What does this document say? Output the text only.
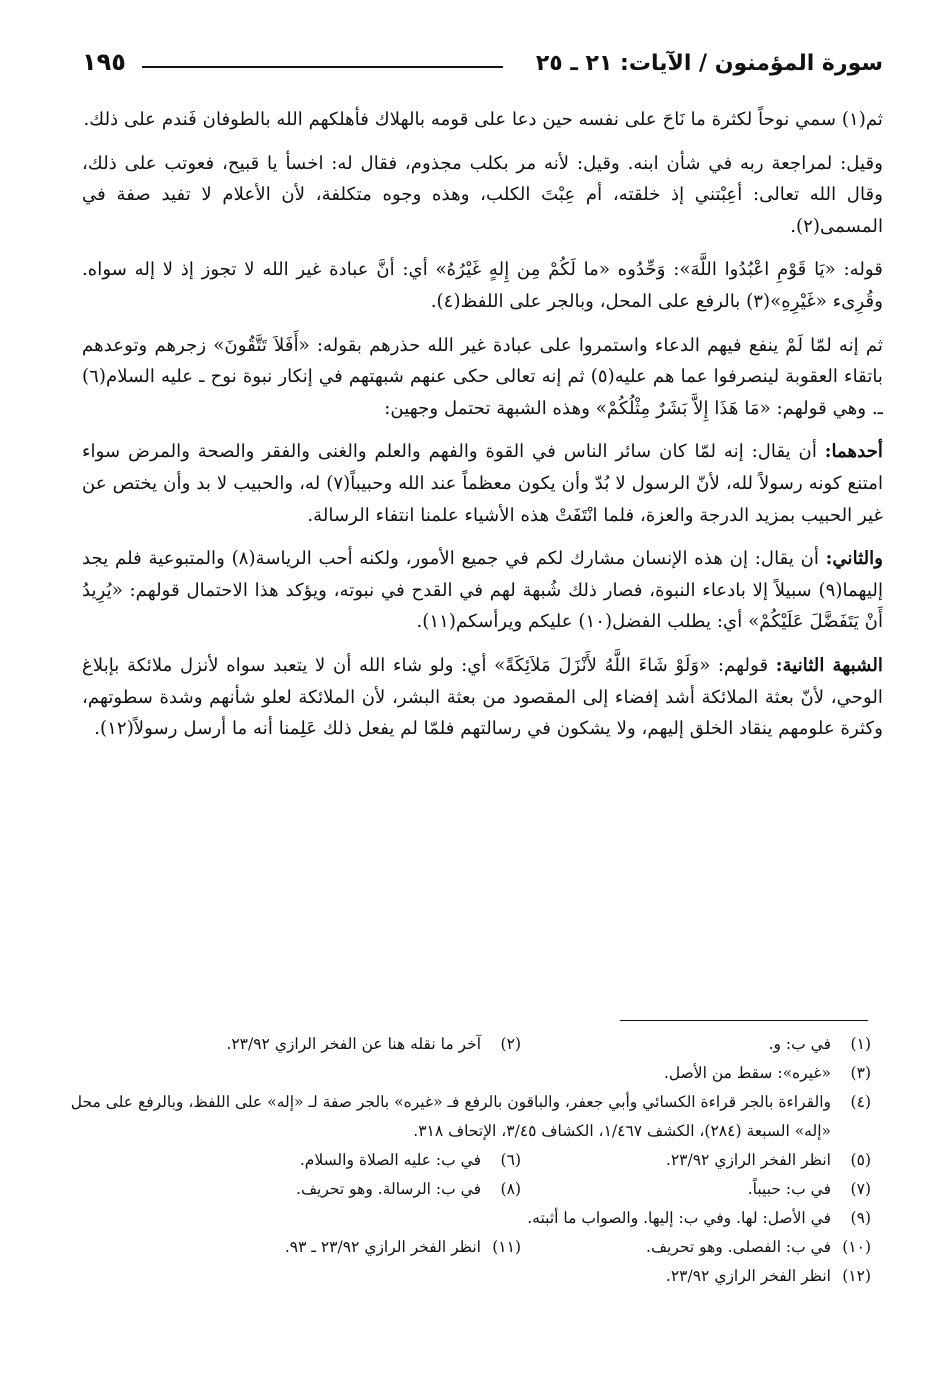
سورة المؤمنون / الآيات: ٢١ ـ ٢٥
١٩٥

ثم(١) سمي نوحاً لكثرة ما نَاحَ على نفسه حين دعا على قومه بالهلاك فأهلكهم الله بالطوفان فَندم على ذلك.

وقيل: لمراجعة ربه في شأن ابنه. وقيل: لأنه مر بكلب مجذوم، فقال له: اخسأ يا قبيح، فعوتب على ذلك، وقال الله تعالى: أعِبْتني إذ خلقته، أم عِبْتَ الكلب، وهذه وجوه متكلفة، لأن الأعلام لا تفيد صفة في المسمى(٢).

قوله: «يَا قَوْمِ اعْبُدُوا اللَّهَ»: وَحِّدُوه «ما لَكُمْ مِن إِلهٍ غَيْرُهُ» أي: أنَّ عبادة غير الله لا تجوز إذ لا إله سواه. وقُرِىء «غَيْرِهِ»(٣) بالرفع على المحل، وبالجر على اللفظ(٤).

ثم إنه لمّا لَمْ ينفع فيهم الدعاء واستمروا على عبادة غير الله حذرهم بقوله: «أَفَلاَ تَتَّقُونَ» زجرهم وتوعدهم باتقاء العقوبة لينصرفوا عما هم عليه(٥) ثم إنه تعالى حكى عنهم شبهتهم في إنكار نبوة نوح ـ عليه السلام(٦) ـ. وهي قولهم: «مَا هَذَا إِلاَّ بَشَرٌ مِثْلُكُمْ» وهذه الشبهة تحتمل وجهين:

أحدهما: أن يقال: إنه لمّا كان سائر الناس في القوة والفهم والعلم والغنى والفقر والصحة والمرض سواء امتنع كونه رسولاً لله، لأنّ الرسول لا بُدّ وأن يكون معظماً عند الله وحبيباً(٧) له، والحبيب لا بد وأن يختص عن غير الحبيب بمزيد الدرجة والعزة، فلما انْتَفَتْ هذه الأشياء علمنا انتفاء الرسالة.

والثاني: أن يقال: إن هذه الإنسان مشارك لكم في جميع الأمور، ولكنه أحب الرياسة(٨) والمتبوعية فلم يجد إليهما(٩) سبيلاً إلا بادعاء النبوة، فصار ذلك شُبهة لهم في القدح في نبوته، ويؤكد هذا الاحتمال قولهم: «يُرِيدُ أَنْ يَتَفَضَّلَ عَلَيْكُمْ» أي: يطلب الفضل(١٠) عليكم ويرأسكم(١١).

الشبهة الثانية: قولهم: «وَلَوْ شَاءَ اللَّهُ لأَنْزَلَ مَلاَئِكَةً» أي: ولو شاء الله أن لا يتعبد سواه لأنزل ملائكة بإبلاغ الوحي، لأنّ بعثة الملائكة أشد إفضاء إلى المقصود من بعثة البشر، لأن الملائكة لعلو شأنهم وشدة سطوتهم، وكثرة علومهم ينقاد الخلق إليهم، ولا يشكون في رسالتهم فلمّا لم يفعل ذلك عَلِمنا أنه ما أرسل رسولاً(١٢).

(١)
في ب: و.
(٢)
آخر ما نقله هنا عن الفخر الرازي ٢٣/٩٢.
(٣)
«غيره»: سقط من الأصل.
(٤)
والقراءة بالجر قراءة الكسائي وأبي جعفر، والباقون بالرفع فـ «غيره» بالجر صفة لـ «إله» على اللفظ، وبالرفع على محل «إله» السبعة (٢٨٤)، الكشف ١/٤٦٧، الكشاف ٣/٤٥، الإتحاف ٣١٨.
(٥)
انظر الفخر الرازي ٢٣/٩٢.
(٦)
في ب: عليه الصلاة والسلام.
(٧)
في ب: حبيباً.
(٨)
في ب: الرسالة. وهو تحريف.
(٩)
في الأصل: لها. وفي ب: إليها. والصواب ما أثبته.
(١٠)
في ب: الفصلى. وهو تحريف.
(١١)
انظر الفخر الرازي ٢٣/٩٢ ـ ٩٣.
(١٢)
انظر الفخر الرازي ٢٣/٩٢.
